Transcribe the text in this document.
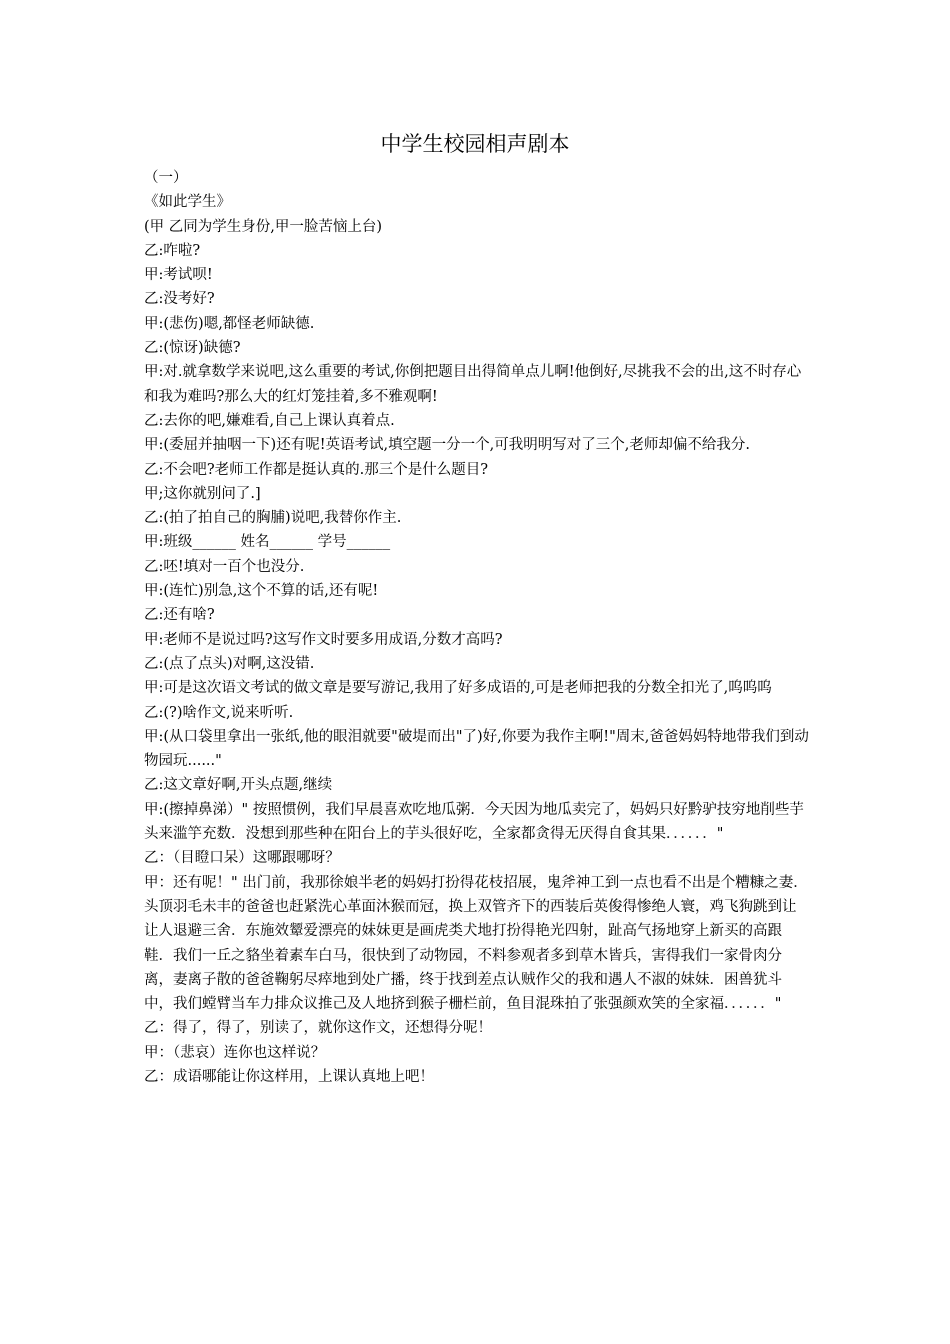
中学生校园相声剧本

（一）

《如此学生》

(甲 乙同为学生身份,甲一脸苦恼上台)

乙:咋啦?

甲:考试呗!

乙:没考好?

甲:(悲伤)嗯,都怪老师缺德.

乙:(惊讶)缺德?

甲:对.就拿数学来说吧,这么重要的考试,你倒把题目出得简单点儿啊!他倒好,尽挑我不会的出,这不时存心和我为难吗?那么大的红灯笼挂着,多不雅观啊!

乙:去你的吧,嫌难看,自己上课认真着点.

甲:(委屈并抽咽一下)还有呢!英语考试,填空题一分一个,可我明明写对了三个,老师却偏不给我分.

乙:不会吧?老师工作都是挺认真的.那三个是什么题目?

甲;这你就别问了.]

乙:(拍了拍自己的胸脯)说吧,我替你作主.

甲:班级______ 姓名______ 学号______

乙:呸!填对一百个也没分.

甲:(连忙)别急,这个不算的话,还有呢!

乙:还有啥?

甲:老师不是说过吗?这写作文时要多用成语,分数才高吗?

乙:(点了点头)对啊,这没错.

甲:可是这次语文考试的做文章是要写游记,我用了好多成语的,可是老师把我的分数全扣光了,呜呜呜

乙:(?)啥作文,说来听听.

甲:(从口袋里拿出一张纸,他的眼泪就要"破堤而出"了)好,你要为我作主啊!"周末,爸爸妈妈特地带我们到动物园玩......"

乙:这文章好啊,开头点题,继续

甲:(擦掉鼻涕）" 按照惯例，我们早晨喜欢吃地瓜粥．今天因为地瓜卖完了，妈妈只好黔驴技穷地削些芋头来滥竽充数．没想到那些种在阳台上的芋头很好吃，全家都贪得无厌得自食其果．．．．．．"

乙：（目瞪口呆）这哪跟哪呀？

甲：还有呢！" 出门前，我那徐娘半老的妈妈打扮得花枝招展，鬼斧神工到一点也看不出是个糟糠之妻．头顶羽毛未丰的爸爸也赶紧洗心革面沐猴而冠，换上双管齐下的西装后英俊得惨绝人寰，鸡飞狗跳到让让人退避三舍．东施效颦爱漂亮的妹妹更是画虎类犬地打扮得艳光四射，趾高气扬地穿上新买的高跟鞋．我们一丘之貉坐着素车白马，很快到了动物园，不料参观者多到草木皆兵，害得我们一家骨肉分离，妻离子散的爸爸鞠躬尽瘁地到处广播，终于找到差点认贼作父的我和遇人不淑的妹妹．困兽犹斗中，我们螳臂当车力排众议推己及人地挤到猴子栅栏前，鱼目混珠拍了张强颜欢笑的全家福．．．．．．"

乙：得了，得了，别读了，就你这作文，还想得分呢！

甲：（悲哀）连你也这样说？

乙：成语哪能让你这样用，上课认真地上吧！
